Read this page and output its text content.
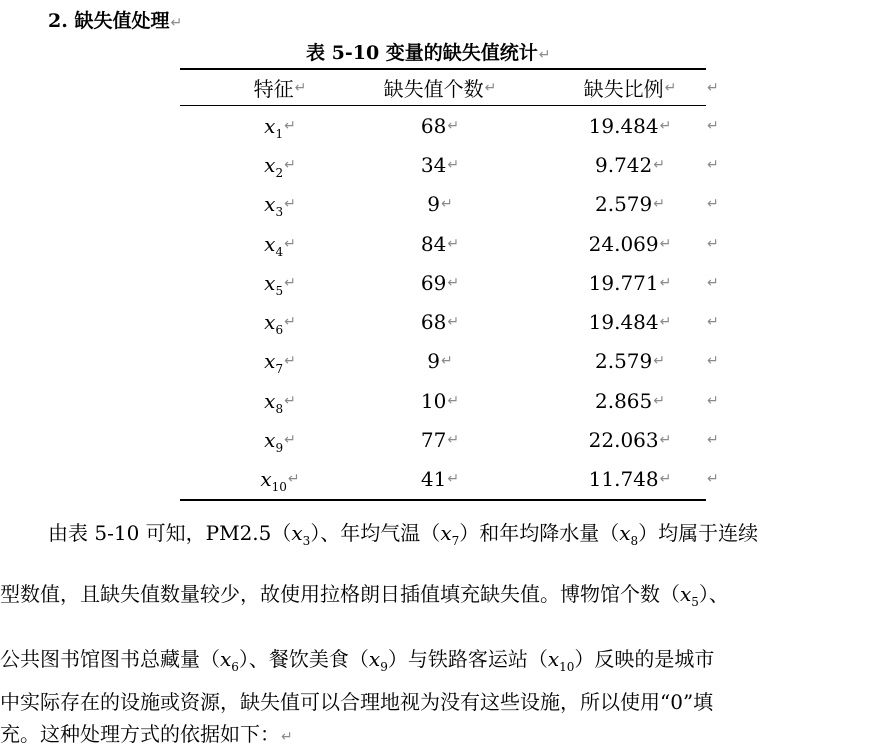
2. 缺失值处理↵
表 5-10 变量的缺失值统计↵
特征 ↵	缺失值个数 ↵	缺失比例 ↵ ↵
$x_1$ ↵	68 ↵	19.484 ↵	↵
$x_2$ ↵	34 ↵	9.742 ↵	↵
$x_3$ ↵	9 ↵	2.579 ↵	↵
$x_4$ ↵	84 ↵	24.069 ↵	↵
$x_5$ ↵	69 ↵	19.771 ↵	↵
$x_6$ ↵	68 ↵	19.484 ↵	↵
$x_7$ ↵	9 ↵	2.579 ↵	↵
$x_8$ ↵	10 ↵	2.865 ↵	↵
$x_9$ ↵	77 ↵	22.063 ↵	↵
$x_{10}$ ↵	41 ↵	11.748 ↵	↵
由表 5-10 可知，$PM2.5(x_3)$、年均气温$(x_7)$和年均降水量$(x_8)$均属于连续
型数值，且缺失值数量较少，故使用拉格朗日插值填充缺失值。博物馆个数$(x_5)$、
公共图书馆图书总藏量$(x_6)$、餐饮美食$(x_9)$与铁路客运站$(x_{10})$反映的是城市
中实际存在的设施或资源，缺失值可以合理地视为没有这些设施，所以使用“0”填
充。这种处理方式的依据如下：↵
